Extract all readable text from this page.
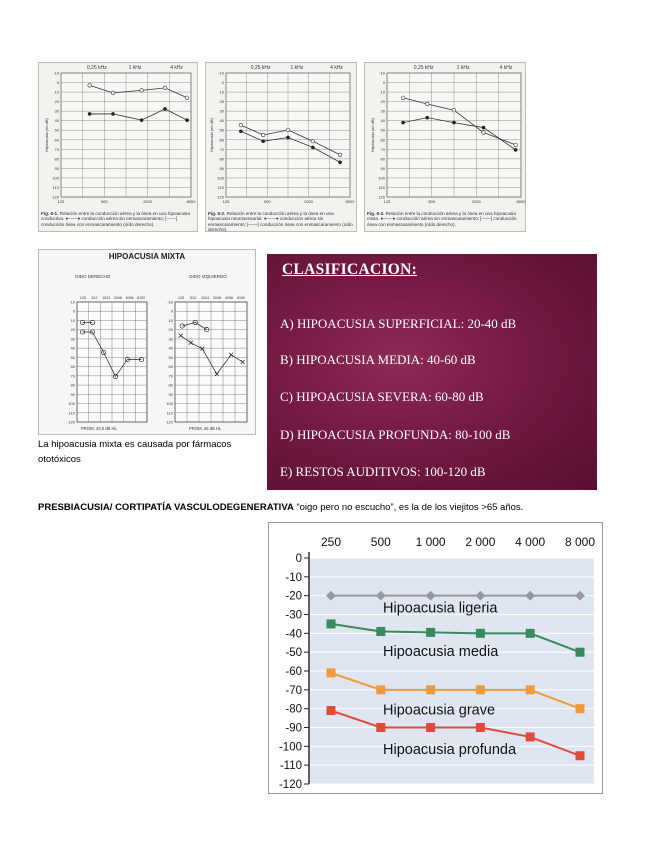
0,25 kHz	1 kHz	4 kHz
-10
0
10
20
30
40
50
60
70
80
90
100
110
120
125	500	2000	8000
Hipoacusia (en dB)
Fig. 6-1. Relación entre la conducción aérea y la ósea en una hipoacusia conductiva. ●——● conducción aérea sin enmascaramiento; [——[ conducción ósea con enmascaramiento (oído derecho).
0,25 kHz	1 kHz	4 kHz
-10
0
10
20
30
40
50
60
70
80
90
100
110
120
125	500	2000	8000
Hipoacusia (en dB)
Fig. 6-2. Relación entre la conducción aérea y la ósea en una hipoacusia neurosensorial. ●——● conducción aérea sin enmascaramiento; [——[ conducción ósea con enmascaramiento (oído derecho).
0,25 kHz	1 kHz	4 kHz
-10
0
10
20
30
40
50
60
70
80
90
100
110
120
125	500	2000	8000
Hipoacusia (en dB)
Fig. 6-3. Relación entre la conducción aérea y la ósea en una hipoacusia mixta. ●——● conducción aérea sin enmascaramiento; [——[ conducción ósea con enmascaramiento (oído derecho).
HIPOACUSIA MIXTA
OIDO DERECHO	OIDO IZQUIERDO
-10
0
10
20
30
40
50
60
70
80
90
100
110
120
125 512 1024 2048 4096 8192
-10
0
10
20
30
40
50
60
70
80
90
100
110
120
125 512 1024 2048 4096 8192
PROM. 40,0 dB HL	PROM. 45 dB HL
La hipoacusia mixta es causada por fármacos ototóxicos
CLASIFICACION:
A) HIPOACUSIA SUPERFICIAL: 20-40 dB
B) HIPOACUSIA MEDIA: 40-60 dB
C) HIPOACUSIA SEVERA: 60-80 dB
D) HIPOACUSIA PROFUNDA: 80-100 dB
E) RESTOS AUDITIVOS: 100-120 dB
PRESBIACUSIA/ CORTIPATÍA VASCULODEGENERATIVA “oigo pero no escucho”, es la de los viejitos >65 años.
0
-10
-20
-30
-40
-50
-60
-70
-80
-90
-100
-110
-120
250 500 1 000 2 000 4 000 8 000
Hipoacusia ligeria
Hipoacusia media
Hipoacusia grave
Hipoacusia profunda
